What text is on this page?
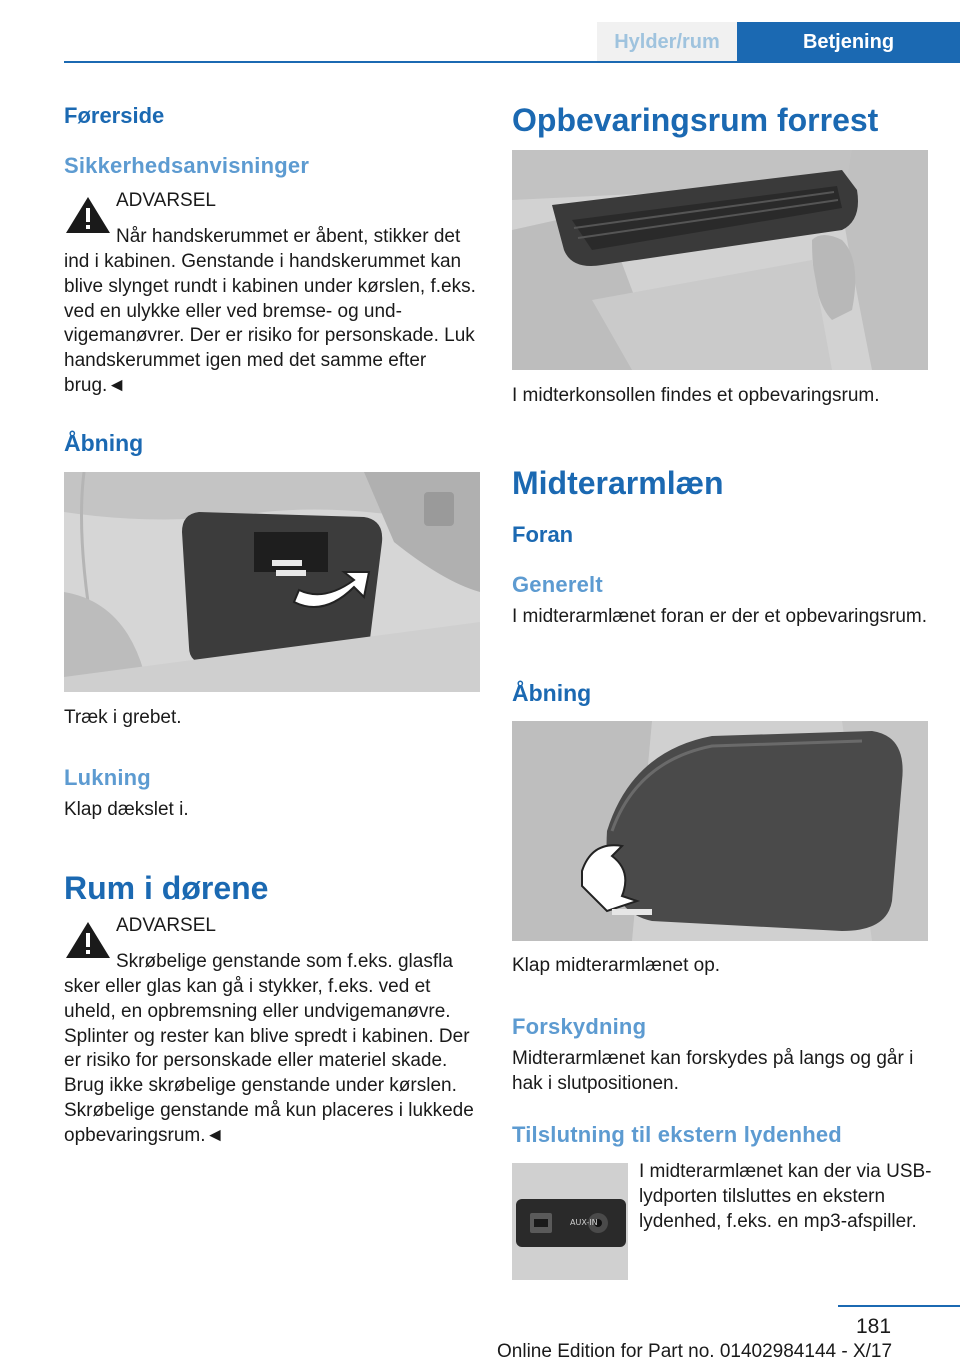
Hylder/rum	Betjening
Førerside
Sikkerhedsanvisninger
ADVARSEL
Når handskerummet er åbent, stikker det
ind i kabinen. Genstande i handskerummet kan blive slynget rundt i kabinen under kørslen, f.eks. ved en ulykke eller ved bremse- og undvigemanøvrer. Der er risiko for personskade. Luk handskerummet igen med det samme efter brug.◄
Åbning
Træk i grebet.
Lukning
Klap dækslet i.
Rum i dørene
ADVARSEL
Skrøbelige genstande som f.eks. glasfla
sker eller glas kan gå i stykker, f.eks. ved et uheld, en opbremsning eller undvigemanøvre. Splinter og rester kan blive spredt i kabinen. Der er risiko for personskade eller materiel skade. Brug ikke skrøbelige genstande under kørslen. Skrøbelige genstande må kun placeres i lukkede opbevaringsrum.◄
Opbevaringsrum forrest
I midterkonsollen findes et opbevaringsrum.
Midterarmlæn
Foran
Generelt
I midterarmlænet foran er der et opbevaringsrum.
Åbning
Klap midterarmlænet op.
Forskydning
Midterarmlænet kan forskydes på langs og går i hak i slutpositionen.
Tilslutning til ekstern lydenhed
AUX-IN
I midterarmlænet kan der via USB-lydporten tilsluttes en ekstern lydenhed, f.eks. en mp3-afspiller.
181
Online Edition for Part no. 01402984144 - X/17
